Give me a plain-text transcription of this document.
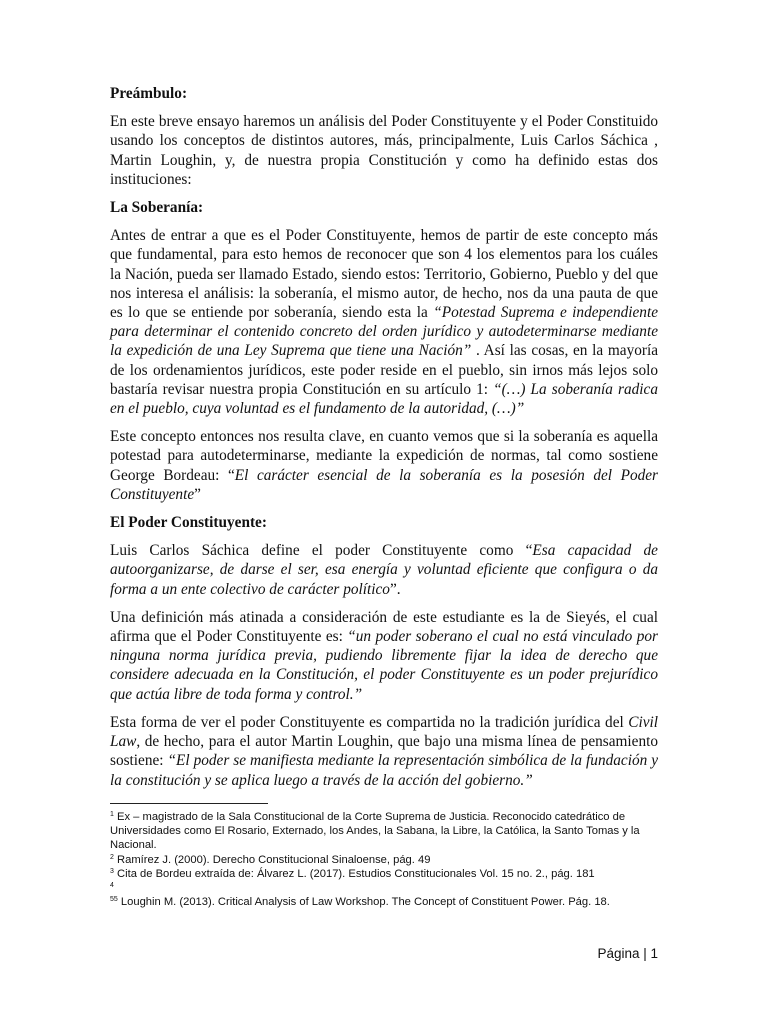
Preámbulo:

En este breve ensayo haremos un análisis del Poder Constituyente y el Poder Constituido usando los conceptos de distintos autores, más, principalmente, Luis Carlos Sáchica , Martin Loughin, y, de nuestra propia Constitución y como ha definido estas dos instituciones:

La Soberanía:

Antes de entrar a que es el Poder Constituyente, hemos de partir de este concepto más que fundamental, para esto hemos de reconocer que son 4 los elementos para los cuáles la Nación, pueda ser llamado Estado, siendo estos: Territorio, Gobierno, Pueblo y del que nos interesa el análisis: la soberanía, el mismo autor, de hecho, nos da una pauta de que es lo que se entiende por soberanía, siendo esta la “Potestad Suprema e independiente para determinar el contenido concreto del orden jurídico y autodeterminarse mediante la expedición de una Ley Suprema que tiene una Nación” . Así las cosas, en la mayoría de los ordenamientos jurídicos, este poder reside en el pueblo, sin irnos más lejos solo bastaría revisar nuestra propia Constitución en su artículo 1: “(…) La soberanía radica en el pueblo, cuya voluntad es el fundamento de la autoridad, (…)”

Este concepto entonces nos resulta clave, en cuanto vemos que si la soberanía es aquella potestad para autodeterminarse, mediante la expedición de normas, tal como sostiene George Bordeau: “El carácter esencial de la soberanía es la posesión del Poder Constituyente”

El Poder Constituyente:

Luis Carlos Sáchica define el poder Constituyente como “Esa capacidad de autoorganizarse, de darse el ser, esa energía y voluntad eficiente que configura o da forma a un ente colectivo de carácter político”.

Una definición más atinada a consideración de este estudiante es la de Sieyés, el cual afirma que el Poder Constituyente es: “un poder soberano el cual no está vinculado por ninguna norma jurídica previa, pudiendo libremente fijar la idea de derecho que considere adecuada en la Constitución, el poder Constituyente es un poder prejurídico que actúa libre de toda forma y control.”

Esta forma de ver el poder Constituyente es compartida no la tradición jurídica del Civil Law, de hecho, para el autor Martin Loughin, que bajo una misma línea de pensamiento sostiene: “El poder se manifiesta mediante la representación simbólica de la fundación y la constitución y se aplica luego a través de la acción del gobierno.”

$^1$ Ex – magistrado de la Sala Constitucional de la Corte Suprema de Justicia. Reconocido catedrático de Universidades como El Rosario, Externado, los Andes, la Sabana, la Libre, la Católica, la Santo Tomas y la Nacional.

$^2$ Ramírez J. (2000). Derecho Constitucional Sinaloense, pág. 49

$^3$ Cita de Bordeu extraída de: Álvarez L. (2017). Estudios Constitucionales Vol. 15 no. 2., pág. 181

$^4$

$^{55}$ Loughin M. (2013). Critical Analysis of Law Workshop. The Concept of Constituent Power. Pág. 18.

Página | 1
